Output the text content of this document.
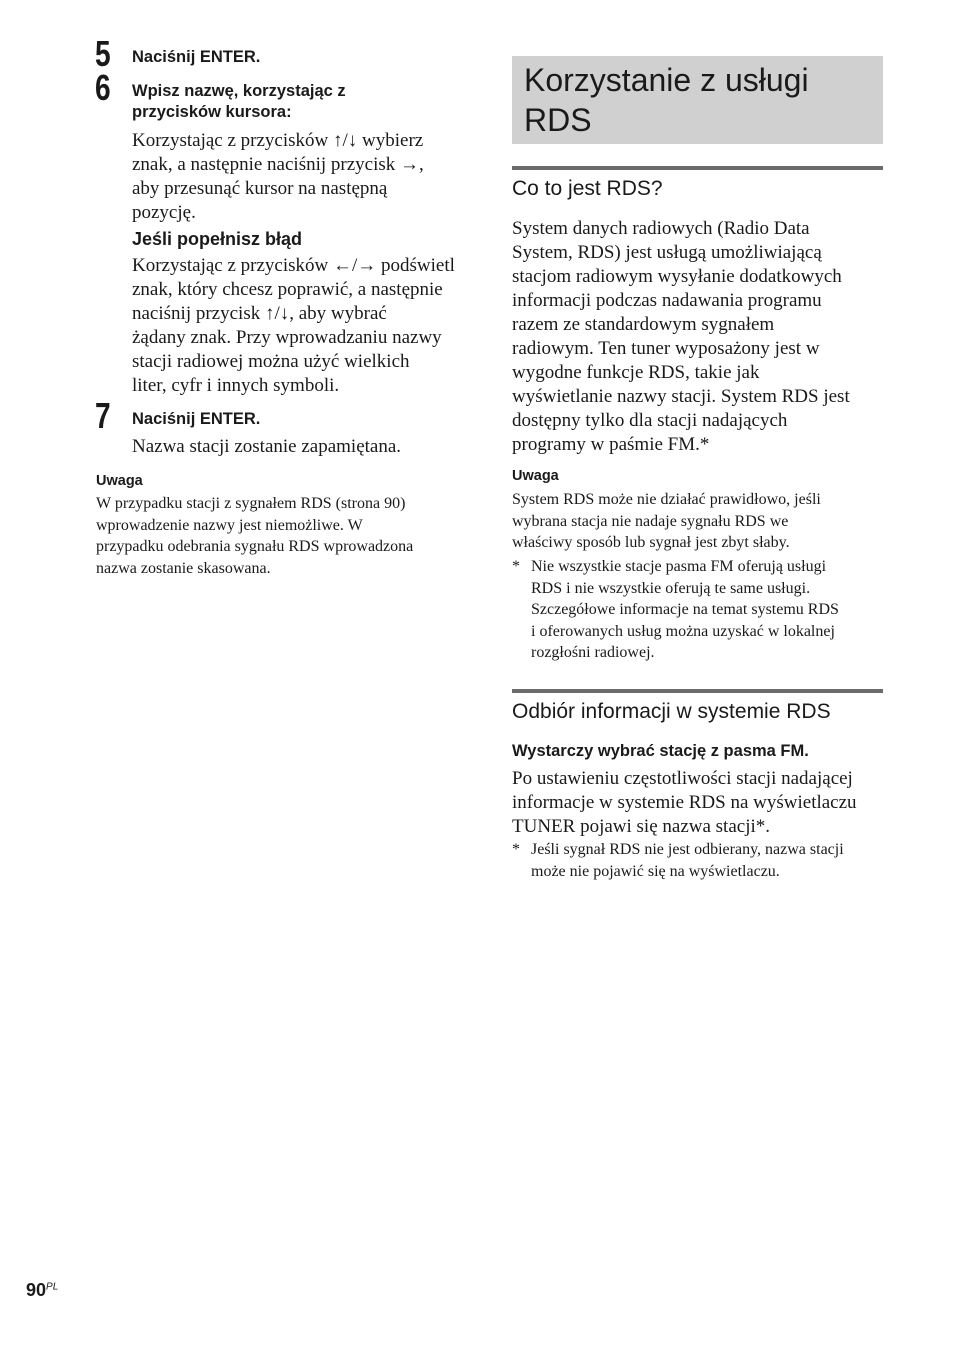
5 Naciśnij ENTER.
6 Wpisz nazwę, korzystając z
przycisków kursora:
Korzystając z przycisków ↑/↓ wybierz
znak, a następnie naciśnij przycisk →,
aby przesunąć kursor na następną
pozycję.
Jeśli popełnisz błąd
Korzystając z przycisków ←/→ podświetl
znak, który chcesz poprawić, a następnie
naciśnij przycisk ↑/↓, aby wybrać
żądany znak. Przy wprowadzaniu nazwy
stacji radiowej można użyć wielkich
liter, cyfr i innych symboli.
7 Naciśnij ENTER.
Nazwa stacji zostanie zapamiętana.
Uwaga
W przypadku stacji z sygnałem RDS (strona 90)
wprowadzenie nazwy jest niemożliwe. W
przypadku odebrania sygnału RDS wprowadzona
nazwa zostanie skasowana.
Korzystanie z usługi
RDS
Co to jest RDS?
System danych radiowych (Radio Data
System, RDS) jest usługą umożliwiającą
stacjom radiowym wysyłanie dodatkowych
informacji podczas nadawania programu
razem ze standardowym sygnałem
radiowym. Ten tuner wyposażony jest w
wygodne funkcje RDS, takie jak
wyświetlanie nazwy stacji. System RDS jest
dostępny tylko dla stacji nadających
programy w paśmie FM.*
Uwaga
System RDS może nie działać prawidłowo, jeśli
wybrana stacja nie nadaje sygnału RDS we
właściwy sposób lub sygnał jest zbyt słaby.
* Nie wszystkie stacje pasma FM oferują usługi
RDS i nie wszystkie oferują te same usługi.
Szczegółowe informacje na temat systemu RDS
i oferowanych usług można uzyskać w lokalnej
rozgłośni radiowej.
Odbiór informacji w systemie RDS
Wystarczy wybrać stację z pasma FM.
Po ustawieniu częstotliwości stacji nadającej
informacje w systemie RDS na wyświetlaczu
TUNER pojawi się nazwa stacji*.
* Jeśli sygnał RDS nie jest odbierany, nazwa stacji
może nie pojawić się na wyświetlaczu.
$90^{PL}$
